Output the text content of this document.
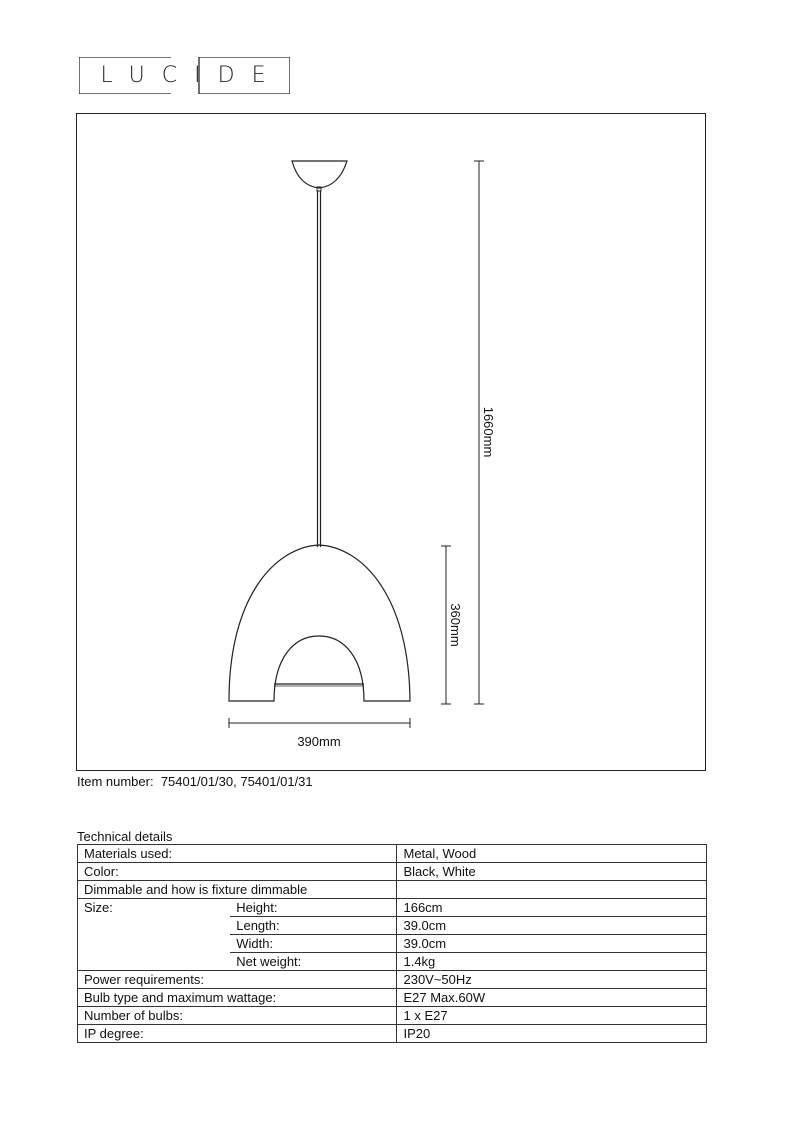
LUCIDE
1660mm
360mm
390mm
Item number: 75401/01/30, 75401/01/31
Technical details
Materials used:		Metal, Wood
Color:		Black, White
Dimmable and how is fixture dimmable		
Size:	Height:	166cm
	Length:	39.0cm
	Width:	39.0cm
	Net weight:	1.4kg
Power requirements:		230V~50Hz
Bulb type and maximum wattage:		E27 Max.60W
Number of bulbs:		1 x E27
IP degree:		IP20
